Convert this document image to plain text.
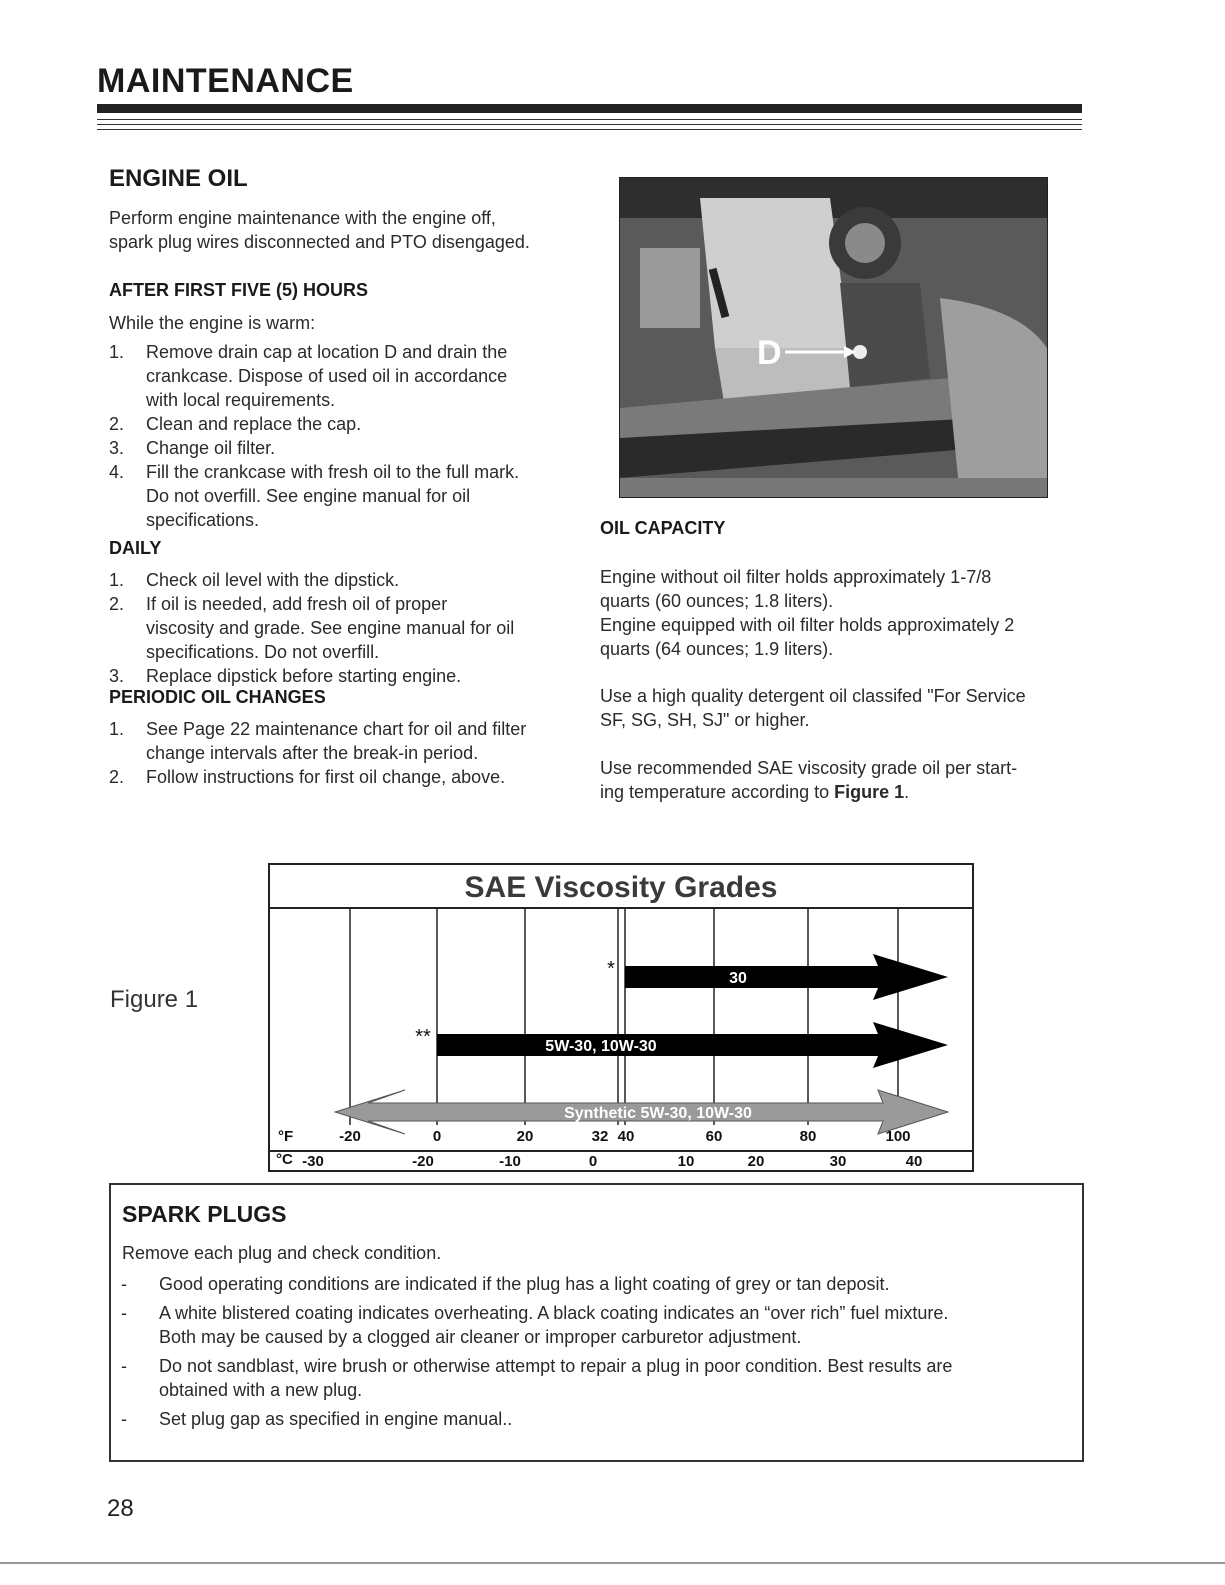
MAINTENANCE
ENGINE OIL
Perform engine maintenance with the engine off,
spark plug wires disconnected and PTO disengaged.
AFTER FIRST FIVE (5) HOURS
While the engine is warm:
1. Remove drain cap at location D and drain the
crankcase. Dispose of used oil in accordance
with local requirements.
2. Clean and replace the cap.
3. Change oil filter.
4. Fill the crankcase with fresh oil to the full mark.
Do not overfill. See engine manual for oil
specifications.
DAILY
1. Check oil level with the dipstick.
2. If oil is needed, add fresh oil of proper
viscosity and grade. See engine manual for oil
specifications. Do not overfill.
3. Replace dipstick before starting engine.
PERIODIC OIL CHANGES
1. See Page 22 maintenance chart for oil and filter
change intervals after the break-in period.
2. Follow instructions for first oil change, above.
D
OIL CAPACITY
Engine without oil filter holds approximately 1-7/8
quarts (60 ounces; 1.8 liters).
Engine equipped with oil filter holds approximately 2
quarts (64 ounces; 1.9 liters).
Use a high quality detergent oil classifed "For Service
SF, SG, SH, SJ" or higher.
Use recommended SAE viscosity grade oil per start-
ing temperature according to Figure 1.
Figure 1
SAE Viscosity Grades
30
*
5W-30, 10W-30
**
Synthetic 5W-30, 10W-30
°F
°C
-20	0	20	32 40	60	80	100
-30	-20	-10	0	10	20	30	40
SPARK PLUGS
Remove each plug and check condition.
- Good operating conditions are indicated if the plug has a light coating of grey or tan deposit.
- A white blistered coating indicates overheating. A black coating indicates an “over rich” fuel mixture.
Both may be caused by a clogged air cleaner or improper carburetor adjustment.
- Do not sandblast, wire brush or otherwise attempt to repair a plug in poor condition. Best results are
obtained with a new plug.
- Set plug gap as specified in engine manual..
28
